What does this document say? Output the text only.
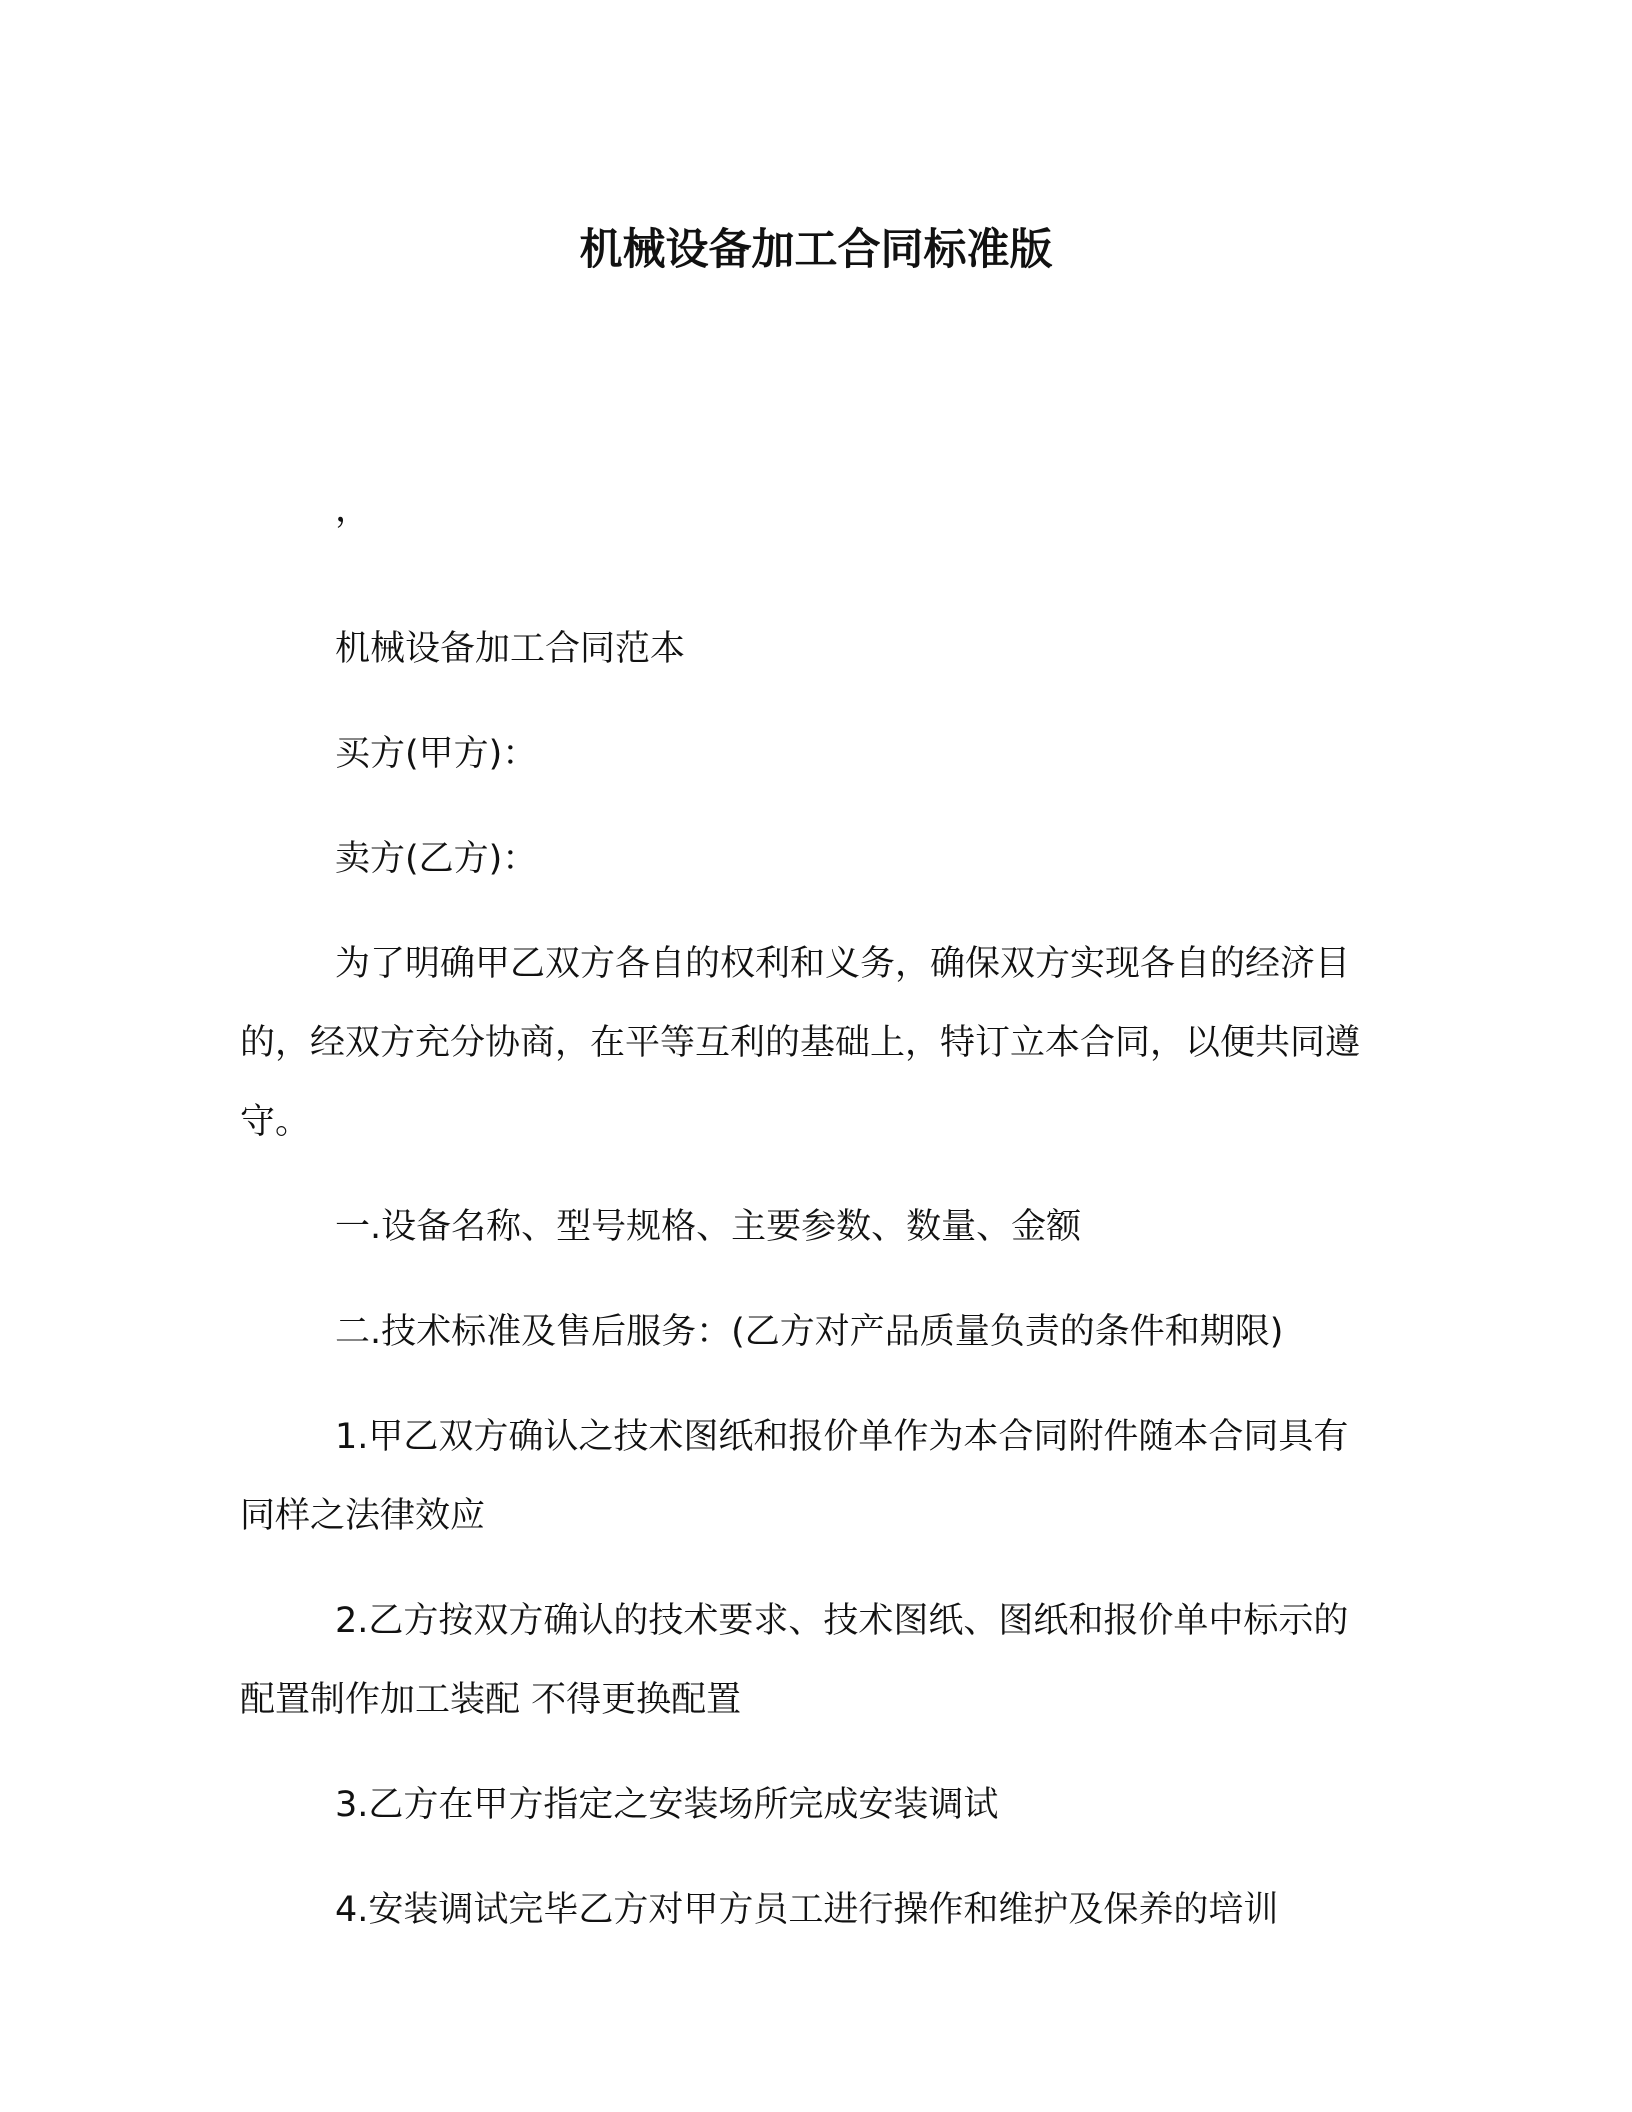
机械设备加工合同标准版

，

机械设备加工合同范本

买方(甲方)：

卖方(乙方)：

为了明确甲乙双方各自的权利和义务，确保双方实现各自的经济目的，经双方充分协商，在平等互利的基础上，特订立本合同，以便共同遵守。

一.设备名称、型号规格、主要参数、数量、金额

二.技术标准及售后服务：(乙方对产品质量负责的条件和期限)

1.甲乙双方确认之技术图纸和报价单作为本合同附件随本合同具有同样之法律效应

2.乙方按双方确认的技术要求、技术图纸、图纸和报价单中标示的配置制作加工装配 不得更换配置

3.乙方在甲方指定之安装场所完成安装调试

4.安装调试完毕乙方对甲方员工进行操作和维护及保养的培训
